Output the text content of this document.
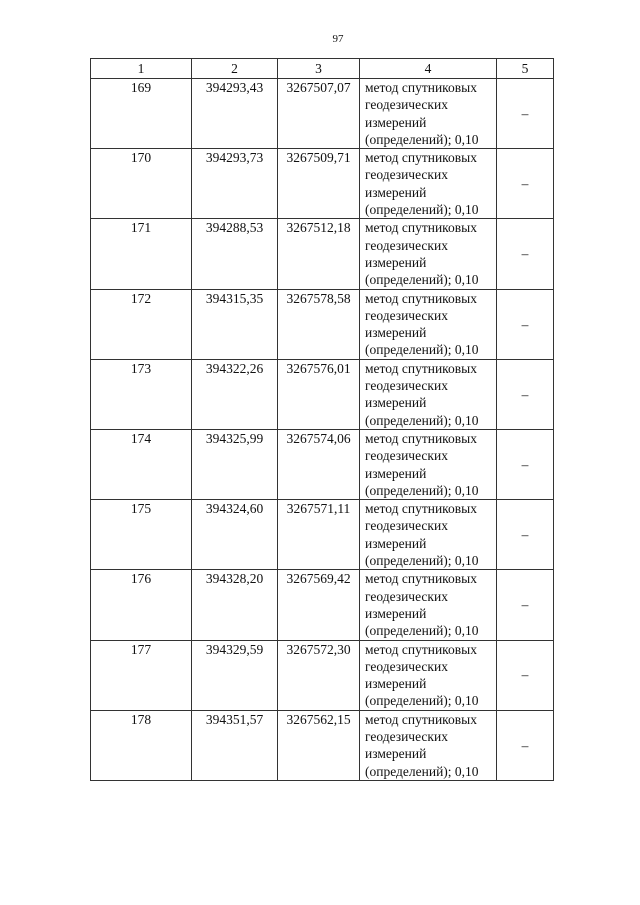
97
1	2	3	4	5
169	394293,43	3267507,07	метод спутниковых
геодезических
измерений
(определений); 0,10	–
170	394293,73	3267509,71	метод спутниковых
геодезических
измерений
(определений); 0,10	–
171	394288,53	3267512,18	метод спутниковых
геодезических
измерений
(определений); 0,10	–
172	394315,35	3267578,58	метод спутниковых
геодезических
измерений
(определений); 0,10	–
173	394322,26	3267576,01	метод спутниковых
геодезических
измерений
(определений); 0,10	–
174	394325,99	3267574,06	метод спутниковых
геодезических
измерений
(определений); 0,10	–
175	394324,60	3267571,11	метод спутниковых
геодезических
измерений
(определений); 0,10	–
176	394328,20	3267569,42	метод спутниковых
геодезических
измерений
(определений); 0,10	–
177	394329,59	3267572,30	метод спутниковых
геодезических
измерений
(определений); 0,10	–
178	394351,57	3267562,15	метод спутниковых
геодезических
измерений
(определений); 0,10	–
